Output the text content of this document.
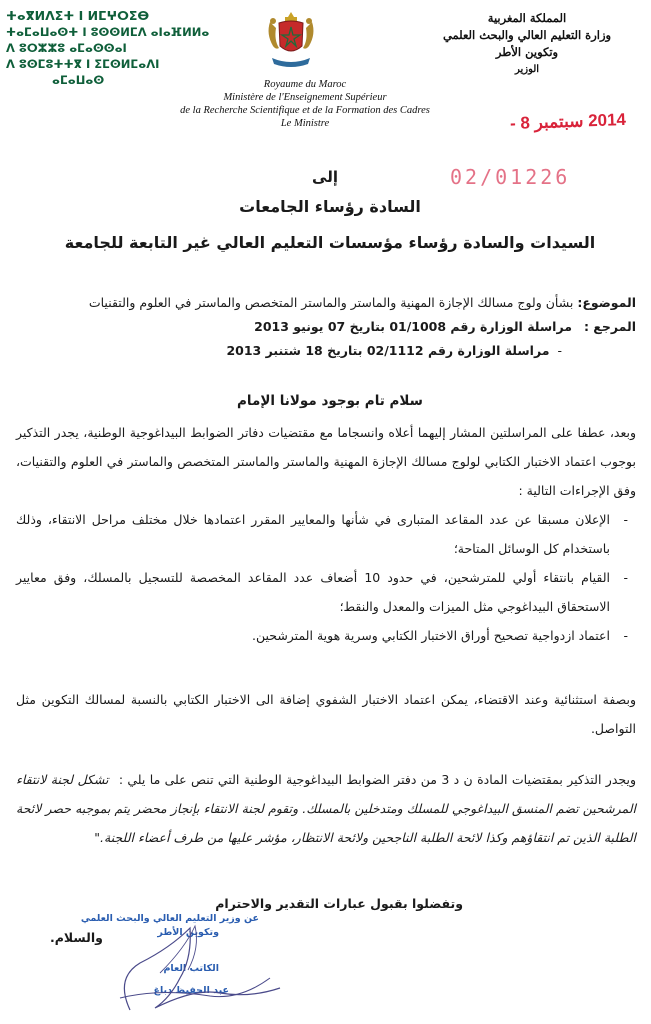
ⵜⴰⴳⵍⴷⵉⵜ ⵏ ⵍⵎⵖⵔⵉⴱ
ⵜⴰⵎⴰⵡⴰⵙⵜ ⵏ ⵓⵙⵙⵍⵎⴷ ⴰⵏⴰⴼⵍⵍⴰ
ⴷ ⵓⵔⵣⵣⵓ ⴰⵎⴰⵙⵙⴰⵏ
ⴷ ⵓⵙⵎⵓⵜⵜⴳ ⵏ ⵉⵎⵙⵍⵎⴰⴷⵏ
ⴰⵎⴰⵡⴰⵙ	Royaume du Maroc
Ministère de l'Enseignement Supérieur
de la Recherche Scientifique et de la Formation des Cadres
Le Ministre
المملكة المغربية
وزارة التعليم العالي والبحث العلمي
وتكوين الأطر
الوزير
2014 سبتمبر 8 -
02/01226
إلى
السادة رؤساء الجامعات
السيدات والسادة رؤساء مؤسسات التعليم العالي غير التابعة للجامعة
الموضوع: بشأن ولوج مسالك الإجازة المهنية والماستر والماستر المتخصص والماستر في العلوم والتقنيات
المرجع : مراسلة الوزارة رقم 01/1008 بتاريخ 07 يونيو 2013
-مراسلة الوزارة رقم 02/1112 بتاريخ 18 شتنبر 2013
سلام تام بوجود مولانا الإمام
وبعد، عطفا على المراسلتين المشار إليهما أعلاه وانسجاما مع مقتضيات دفاتر الضوابط البيداغوجية الوطنية، يجدر التذكير بوجوب اعتماد الاختبار الكتابي لولوج مسالك الإجازة المهنية والماستر والماستر المتخصص والماستر في العلوم والتقنيات، وفق الإجراءات التالية :
- الإعلان مسبقا عن عدد المقاعد المتبارى في شأنها والمعايير المقرر اعتمادها خلال مختلف مراحل الانتقاء، وذلك باستخدام كل الوسائل المتاحة؛
- القيام بانتقاء أولي للمترشحين، في حدود 10 أضعاف عدد المقاعد المخصصة للتسجيل بالمسلك، وفق معايير الاستحقاق البيداغوجي مثل الميزات والمعدل والنقط؛
- اعتماد ازدواجية تصحيح أوراق الاختبار الكتابي وسرية هوية المترشحين.
وبصفة استثنائية وعند الاقتضاء، يمكن اعتماد الاختبار الشفوي إضافة الى الاختبار الكتابي بالنسبة لمسالك التكوين مثل التواصل.
ويجدر التذكير بمقتضيات المادة ن د 3 من دفتر الضوابط البيداغوجية الوطنية التي تنص على ما يلي : تشكل لجنة لانتقاء المرشحين تضم المنسق البيداغوجي للمسلك ومتدخلين بالمسلك. وتقوم لجنة الانتقاء بإنجاز محضر يتم بموجبه حصر لائحة الطلبة الذين تم انتقاؤهم وكذا لائحة الطلبة الناجحين ولائحة الانتظار، مؤشر عليها من طرف أعضاء اللجنة."
وتفضلوا بقبول عبارات التقدير والاحترام
عن وزير التعليم العالي والبحث العلمي
وتكوين الأطر
الكاتب العام
عبد الحفيظ دباغ
والسلام.
